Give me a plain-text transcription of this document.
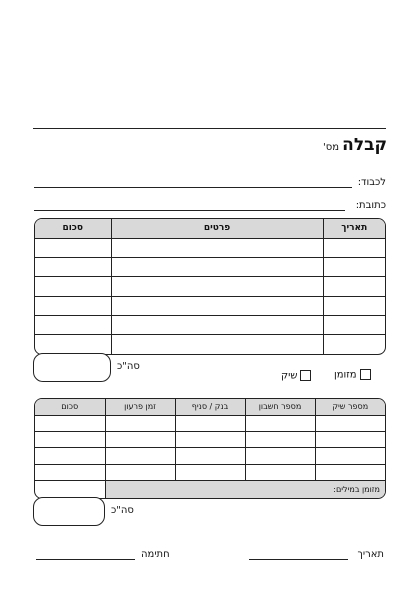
קבלה
מס'
לכבוד:
כתובת:
תאריך	פרטים	סכום

סה"כ
מזומן
שיק
מספר שיק	מספר חשבון	בנק / סניף	זמן פרעון	סכום

מזומן במילים:
סה"כ
תאריך
חתימה
